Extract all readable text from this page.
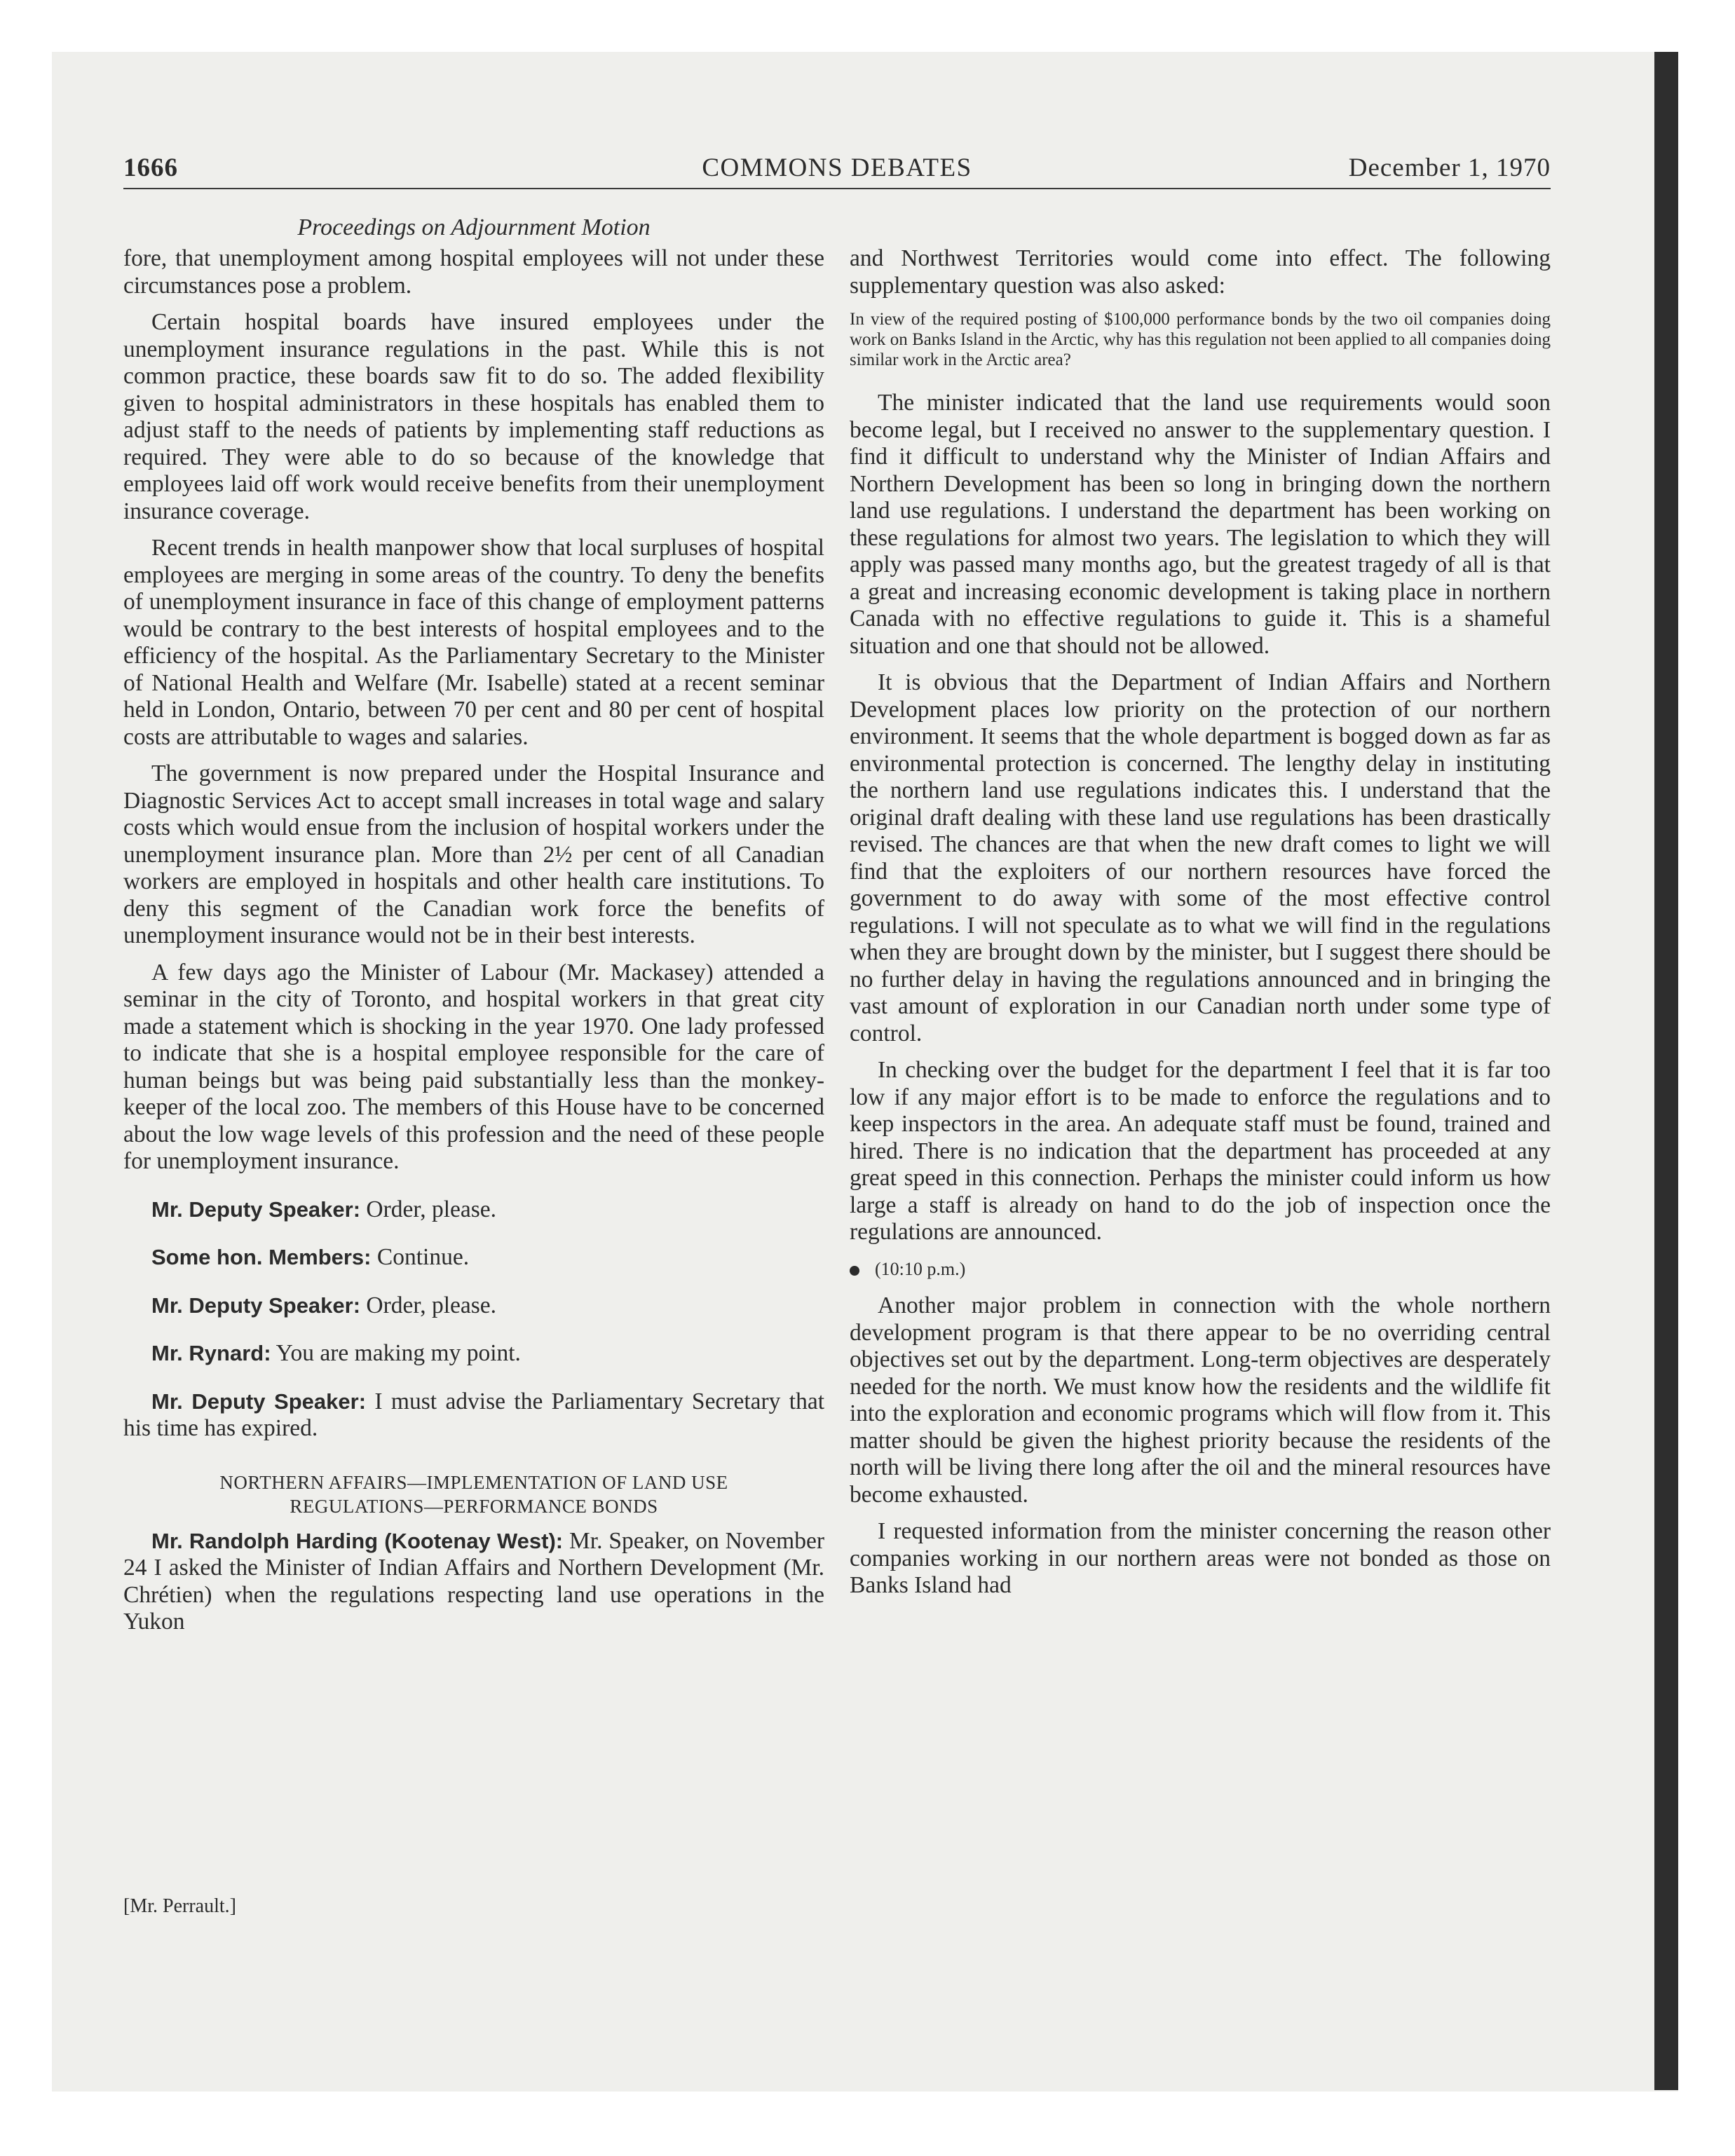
1666	COMMONS DEBATES	December 1, 1970
Proceedings on Adjournment Motion

fore, that unemployment among hospital employees will not under these circumstances pose a problem.

Certain hospital boards have insured employees under the unemployment insurance regulations in the past. While this is not common practice, these boards saw fit to do so. The added flexibility given to hospital administrators in these hospitals has enabled them to adjust staff to the needs of patients by implementing staff reductions as required. They were able to do so because of the knowledge that employees laid off work would receive benefits from their unemployment insurance coverage.

Recent trends in health manpower show that local surpluses of hospital employees are merging in some areas of the country. To deny the benefits of unemployment insurance in face of this change of employment patterns would be contrary to the best interests of hospital employees and to the efficiency of the hospital. As the Parliamentary Secretary to the Minister of National Health and Welfare (Mr. Isabelle) stated at a recent seminar held in London, Ontario, between 70 per cent and 80 per cent of hospital costs are attributable to wages and salaries.

The government is now prepared under the Hospital Insurance and Diagnostic Services Act to accept small increases in total wage and salary costs which would ensue from the inclusion of hospital workers under the unemployment insurance plan. More than 2½ per cent of all Canadian workers are employed in hospitals and other health care institutions. To deny this segment of the Canadian work force the benefits of unemployment insurance would not be in their best interests.

A few days ago the Minister of Labour (Mr. Mackasey) attended a seminar in the city of Toronto, and hospital workers in that great city made a statement which is shocking in the year 1970. One lady professed to indicate that she is a hospital employee responsible for the care of human beings but was being paid substantially less than the monkey-keeper of the local zoo. The members of this House have to be concerned about the low wage levels of this profession and the need of these people for unemployment insurance.

Mr. Deputy Speaker: Order, please.

Some hon. Members: Continue.

Mr. Deputy Speaker: Order, please.

Mr. Rynard: You are making my point.

Mr. Deputy Speaker: I must advise the Parliamentary Secretary that his time has expired.

NORTHERN AFFAIRS—IMPLEMENTATION OF LAND USE
REGULATIONS—PERFORMANCE BONDS

Mr. Randolph Harding (Kootenay West): Mr. Speaker, on November 24 I asked the Minister of Indian Affairs and Northern Development (Mr. Chrétien) when the regulations respecting land use operations in the Yukon

and Northwest Territories would come into effect. The following supplementary question was also asked:

In view of the required posting of $100,000 performance bonds by the two oil companies doing work on Banks Island in the Arctic, why has this regulation not been applied to all companies doing similar work in the Arctic area?

The minister indicated that the land use requirements would soon become legal, but I received no answer to the supplementary question. I find it difficult to understand why the Minister of Indian Affairs and Northern Development has been so long in bringing down the northern land use regulations. I understand the department has been working on these regulations for almost two years. The legislation to which they will apply was passed many months ago, but the greatest tragedy of all is that a great and increasing economic development is taking place in northern Canada with no effective regulations to guide it. This is a shameful situation and one that should not be allowed.

It is obvious that the Department of Indian Affairs and Northern Development places low priority on the protection of our northern environment. It seems that the whole department is bogged down as far as environmental protection is concerned. The lengthy delay in instituting the northern land use regulations indicates this. I understand that the original draft dealing with these land use regulations has been drastically revised. The chances are that when the new draft comes to light we will find that the exploiters of our northern resources have forced the government to do away with some of the most effective control regulations. I will not speculate as to what we will find in the regulations when they are brought down by the minister, but I suggest there should be no further delay in having the regulations announced and in bringing the vast amount of exploration in our Canadian north under some type of control.

In checking over the budget for the department I feel that it is far too low if any major effort is to be made to enforce the regulations and to keep inspectors in the area. An adequate staff must be found, trained and hired. There is no indication that the department has proceeded at any great speed in this connection. Perhaps the minister could inform us how large a staff is already on hand to do the job of inspection once the regulations are announced.

(10:10 p.m.)

Another major problem in connection with the whole northern development program is that there appear to be no overriding central objectives set out by the department. Long-term objectives are desperately needed for the north. We must know how the residents and the wildlife fit into the exploration and economic programs which will flow from it. This matter should be given the highest priority because the residents of the north will be living there long after the oil and the mineral resources have become exhausted.

I requested information from the minister concerning the reason other companies working in our northern areas were not bonded as those on Banks Island had

[Mr. Perrault.]
